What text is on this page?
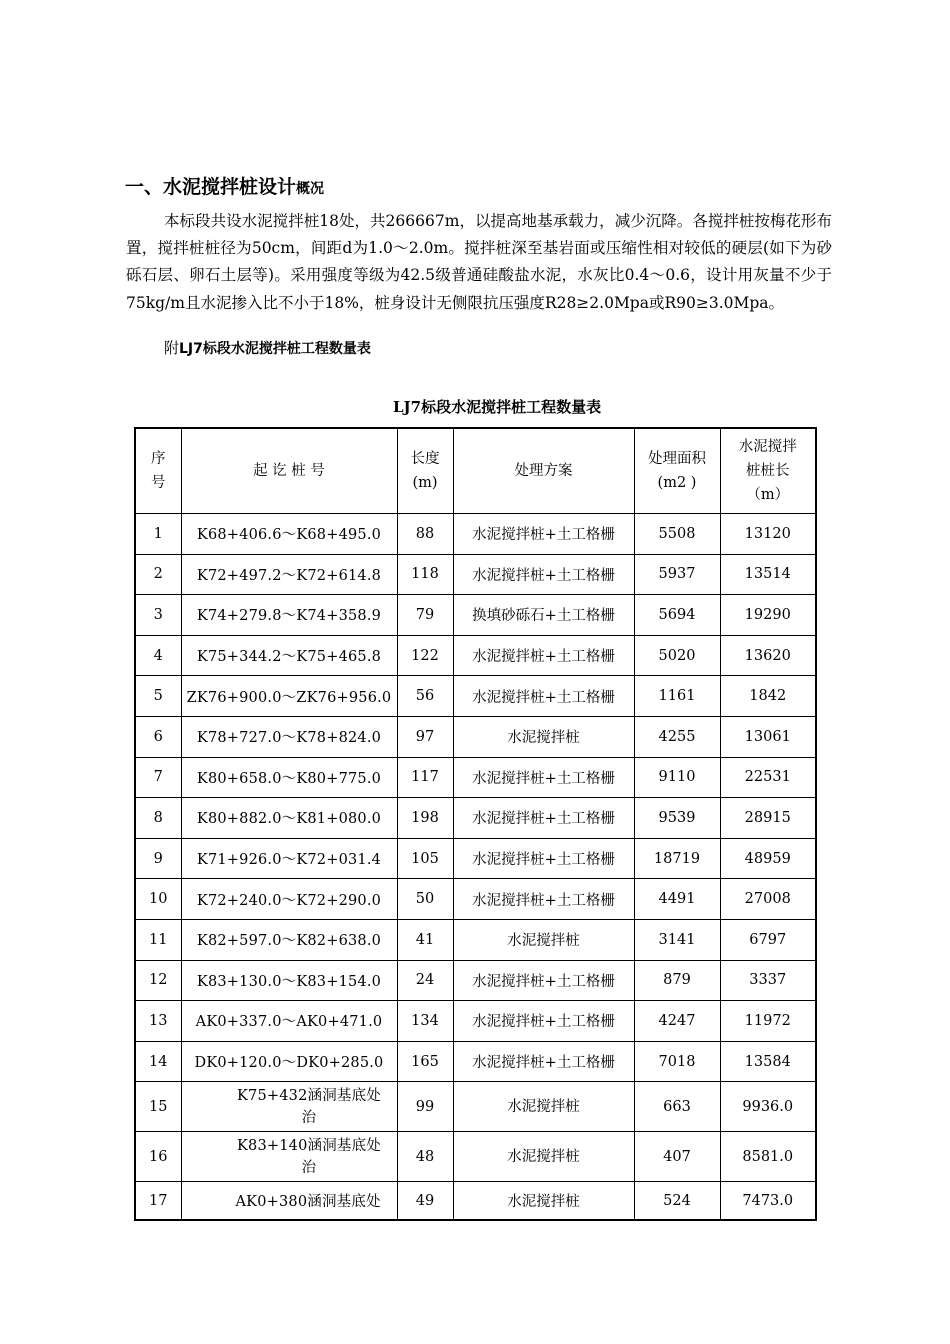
一、水泥搅拌桩设计概况

本标段共设水泥搅拌桩18处，共266667m，以提高地基承载力，减少沉降。各搅拌桩按梅花形布置，搅拌桩桩径为50cm，间距d为1.0～2.0m。搅拌桩深至基岩面或压缩性相对较低的硬层(如下为砂砾石层、卵石土层等)。采用强度等级为42.5级普通硅酸盐水泥，水灰比0.4～0.6，设计用灰量不少于75kg/m且水泥掺入比不小于18%，桩身设计无侧限抗压强度R28≥2.0Mpa或R90≥3.0Mpa。

附LJ7标段水泥搅拌桩工程数量表
LJ7标段水泥搅拌桩工程数量表
序号	起 讫 桩 号	长度(m)	处理方案	处理面积(m2 )	水泥搅拌桩桩长（m）
1	K68+406.6～K68+495.0	88	水泥搅拌桩+土工格栅	5508	13120
2	K72+497.2～K72+614.8	118	水泥搅拌桩+土工格栅	5937	13514
3	K74+279.8～K74+358.9	79	换填砂砾石+土工格栅	5694	19290
4	K75+344.2～K75+465.8	122	水泥搅拌桩+土工格栅	5020	13620
5	ZK76+900.0～ZK76+956.0	56	水泥搅拌桩+土工格栅	1161	1842
6	K78+727.0～K78+824.0	97	水泥搅拌桩	4255	13061
7	K80+658.0～K80+775.0	117	水泥搅拌桩+土工格栅	9110	22531
8	K80+882.0～K81+080.0	198	水泥搅拌桩+土工格栅	9539	28915
9	K71+926.0～K72+031.4	105	水泥搅拌桩+土工格栅	18719	48959
10	K72+240.0～K72+290.0	50	水泥搅拌桩+土工格栅	4491	27008
11	K82+597.0～K82+638.0	41	水泥搅拌桩	3141	6797
12	K83+130.0～K83+154.0	24	水泥搅拌桩+土工格栅	879	3337
13	AK0+337.0～AK0+471.0	134	水泥搅拌桩+土工格栅	4247	11972
14	DK0+120.0～DK0+285.0	165	水泥搅拌桩+土工格栅	7018	13584
15	K75+432涵洞基底处治	99	水泥搅拌桩	663	9936.0
16	K83+140涵洞基底处治	48	水泥搅拌桩	407	8581.0
17	AK0+380涵洞基底处	49	水泥搅拌桩	524	7473.0
